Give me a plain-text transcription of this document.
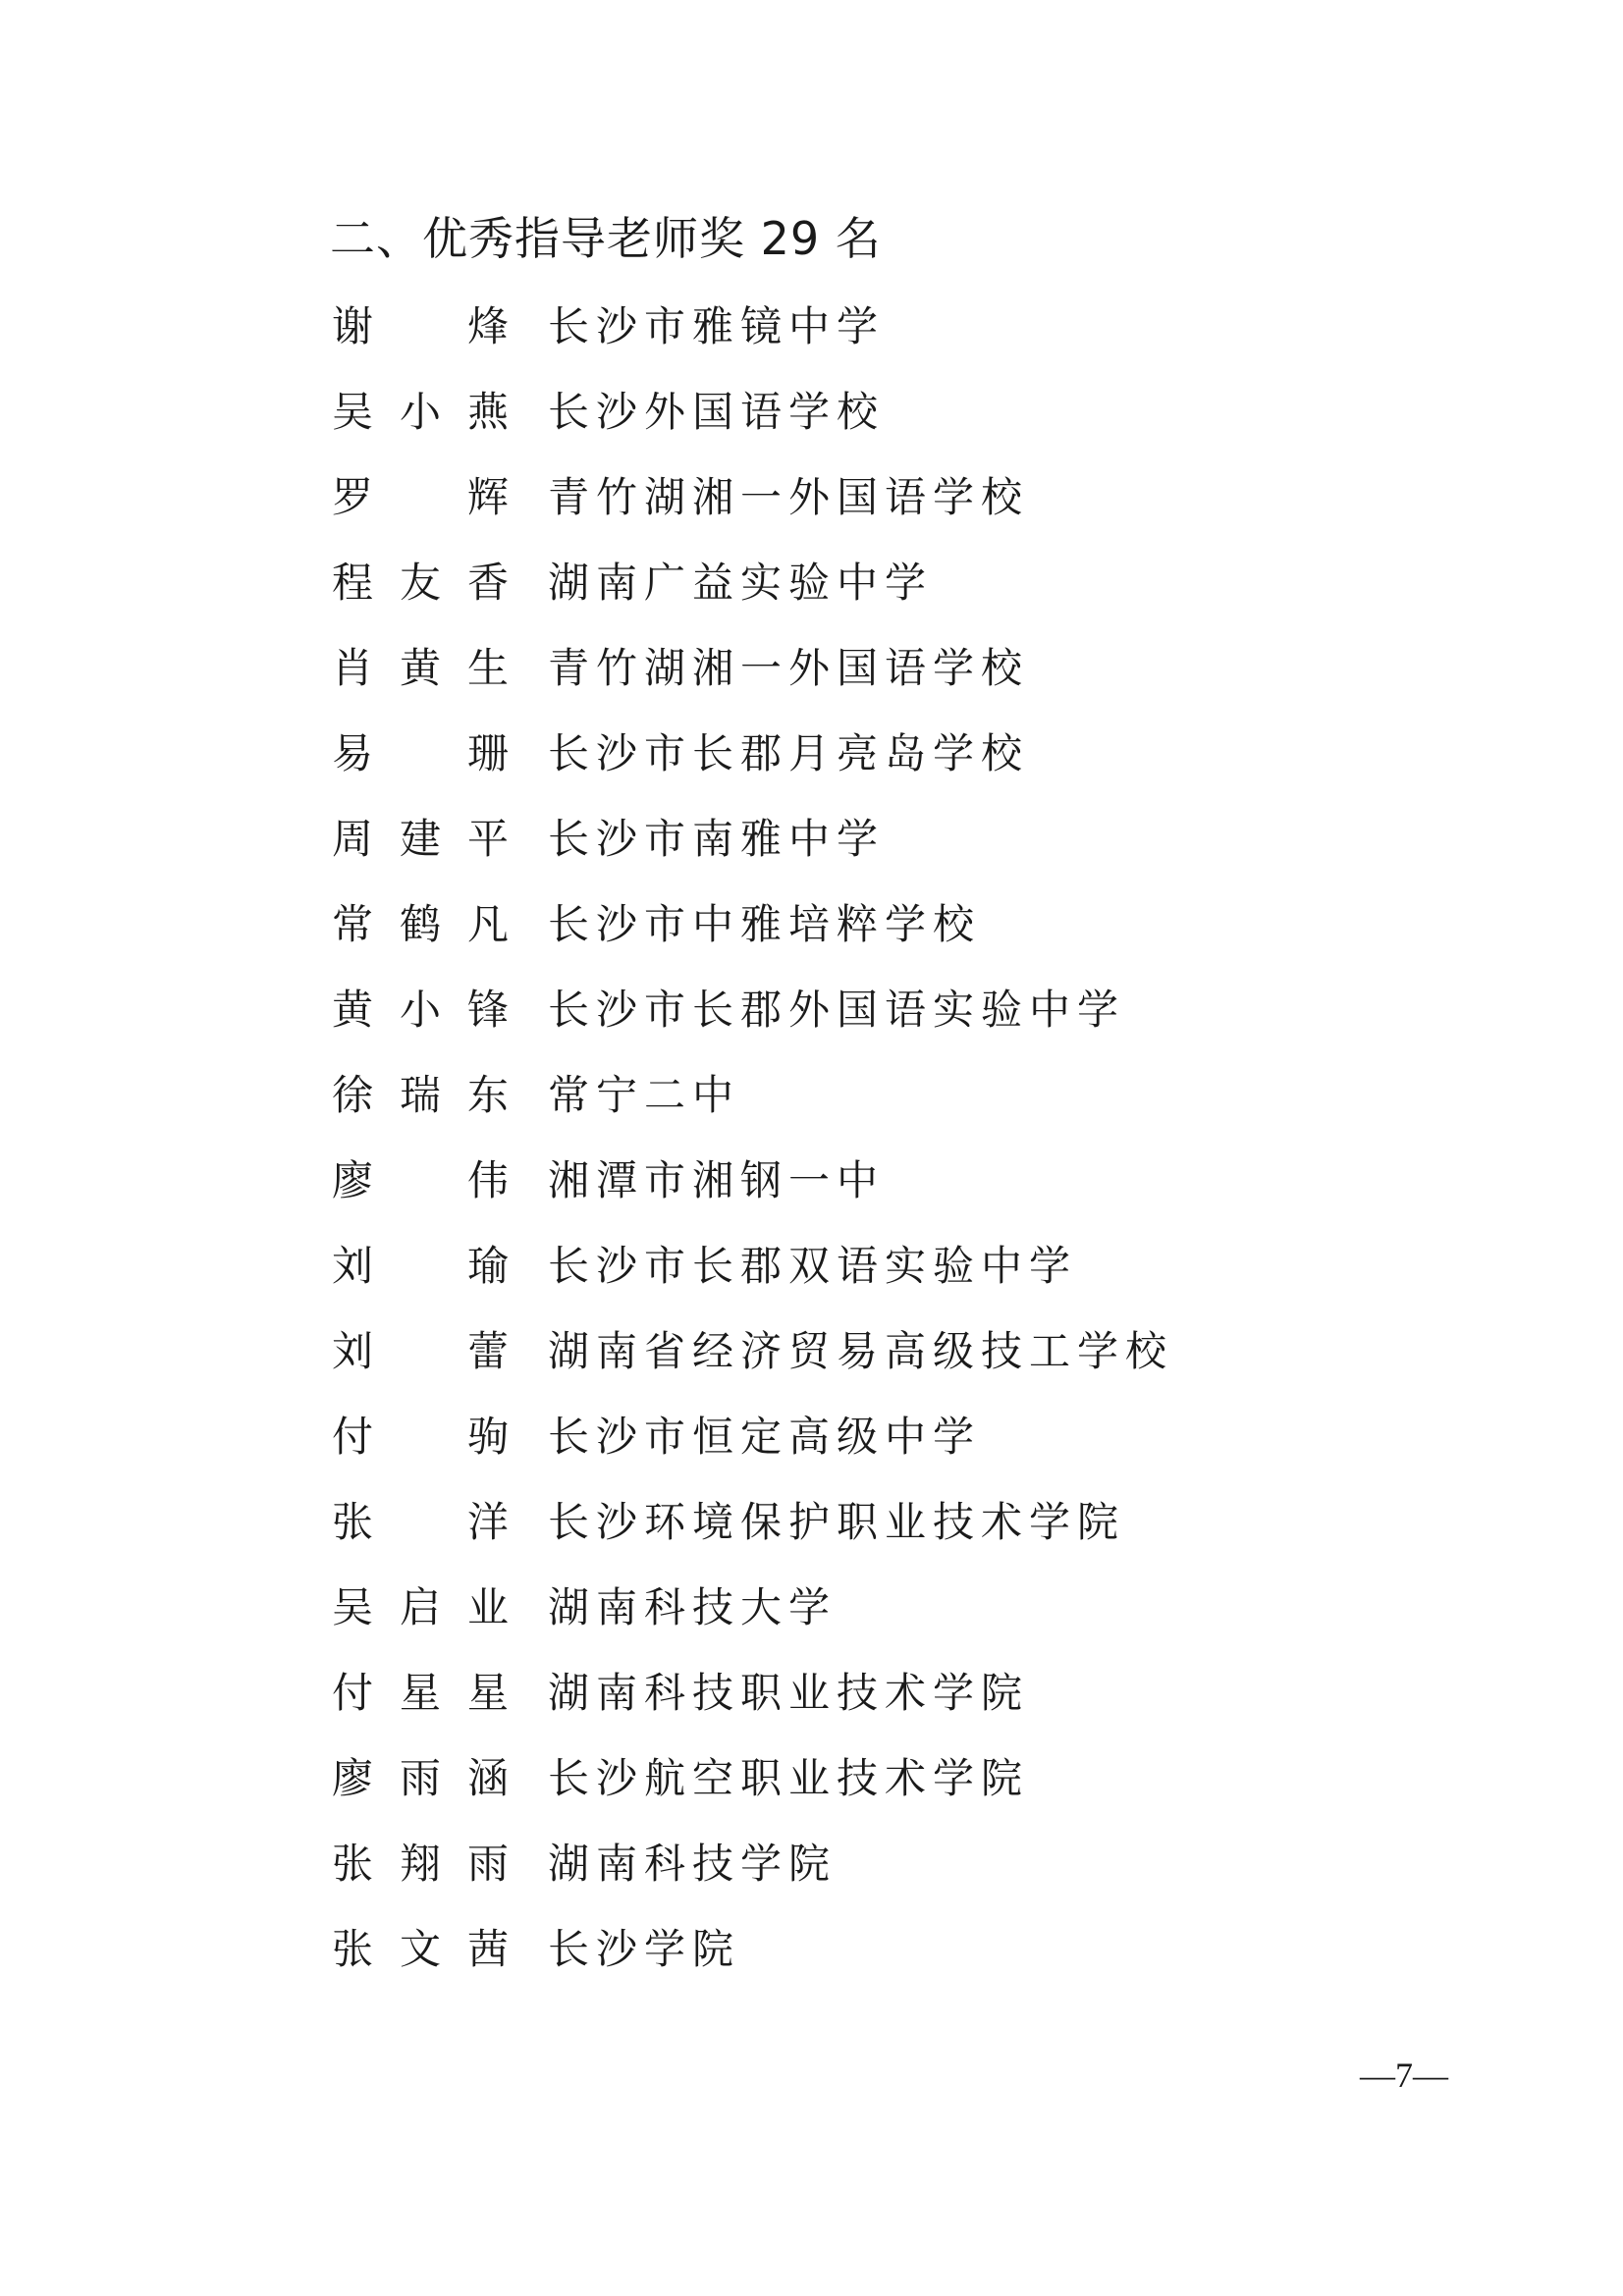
二、优秀指导老师奖 29 名
谢烽 长沙市雅镜中学
吴小燕 长沙外国语学校
罗辉 青竹湖湘一外国语学校
程友香 湖南广益实验中学
肖黄生 青竹湖湘一外国语学校
易珊 长沙市长郡月亮岛学校
周建平 长沙市南雅中学
常鹤凡 长沙市中雅培粹学校
黄小锋 长沙市长郡外国语实验中学
徐瑞东 常宁二中
廖伟 湘潭市湘钢一中
刘瑜 长沙市长郡双语实验中学
刘蕾 湖南省经济贸易高级技工学校
付驹 长沙市恒定高级中学
张洋 长沙环境保护职业技术学院
吴启业 湖南科技大学
付星星 湖南科技职业技术学院
廖雨涵 长沙航空职业技术学院
张翔雨 湖南科技学院
张文茜 长沙学院
—7—
